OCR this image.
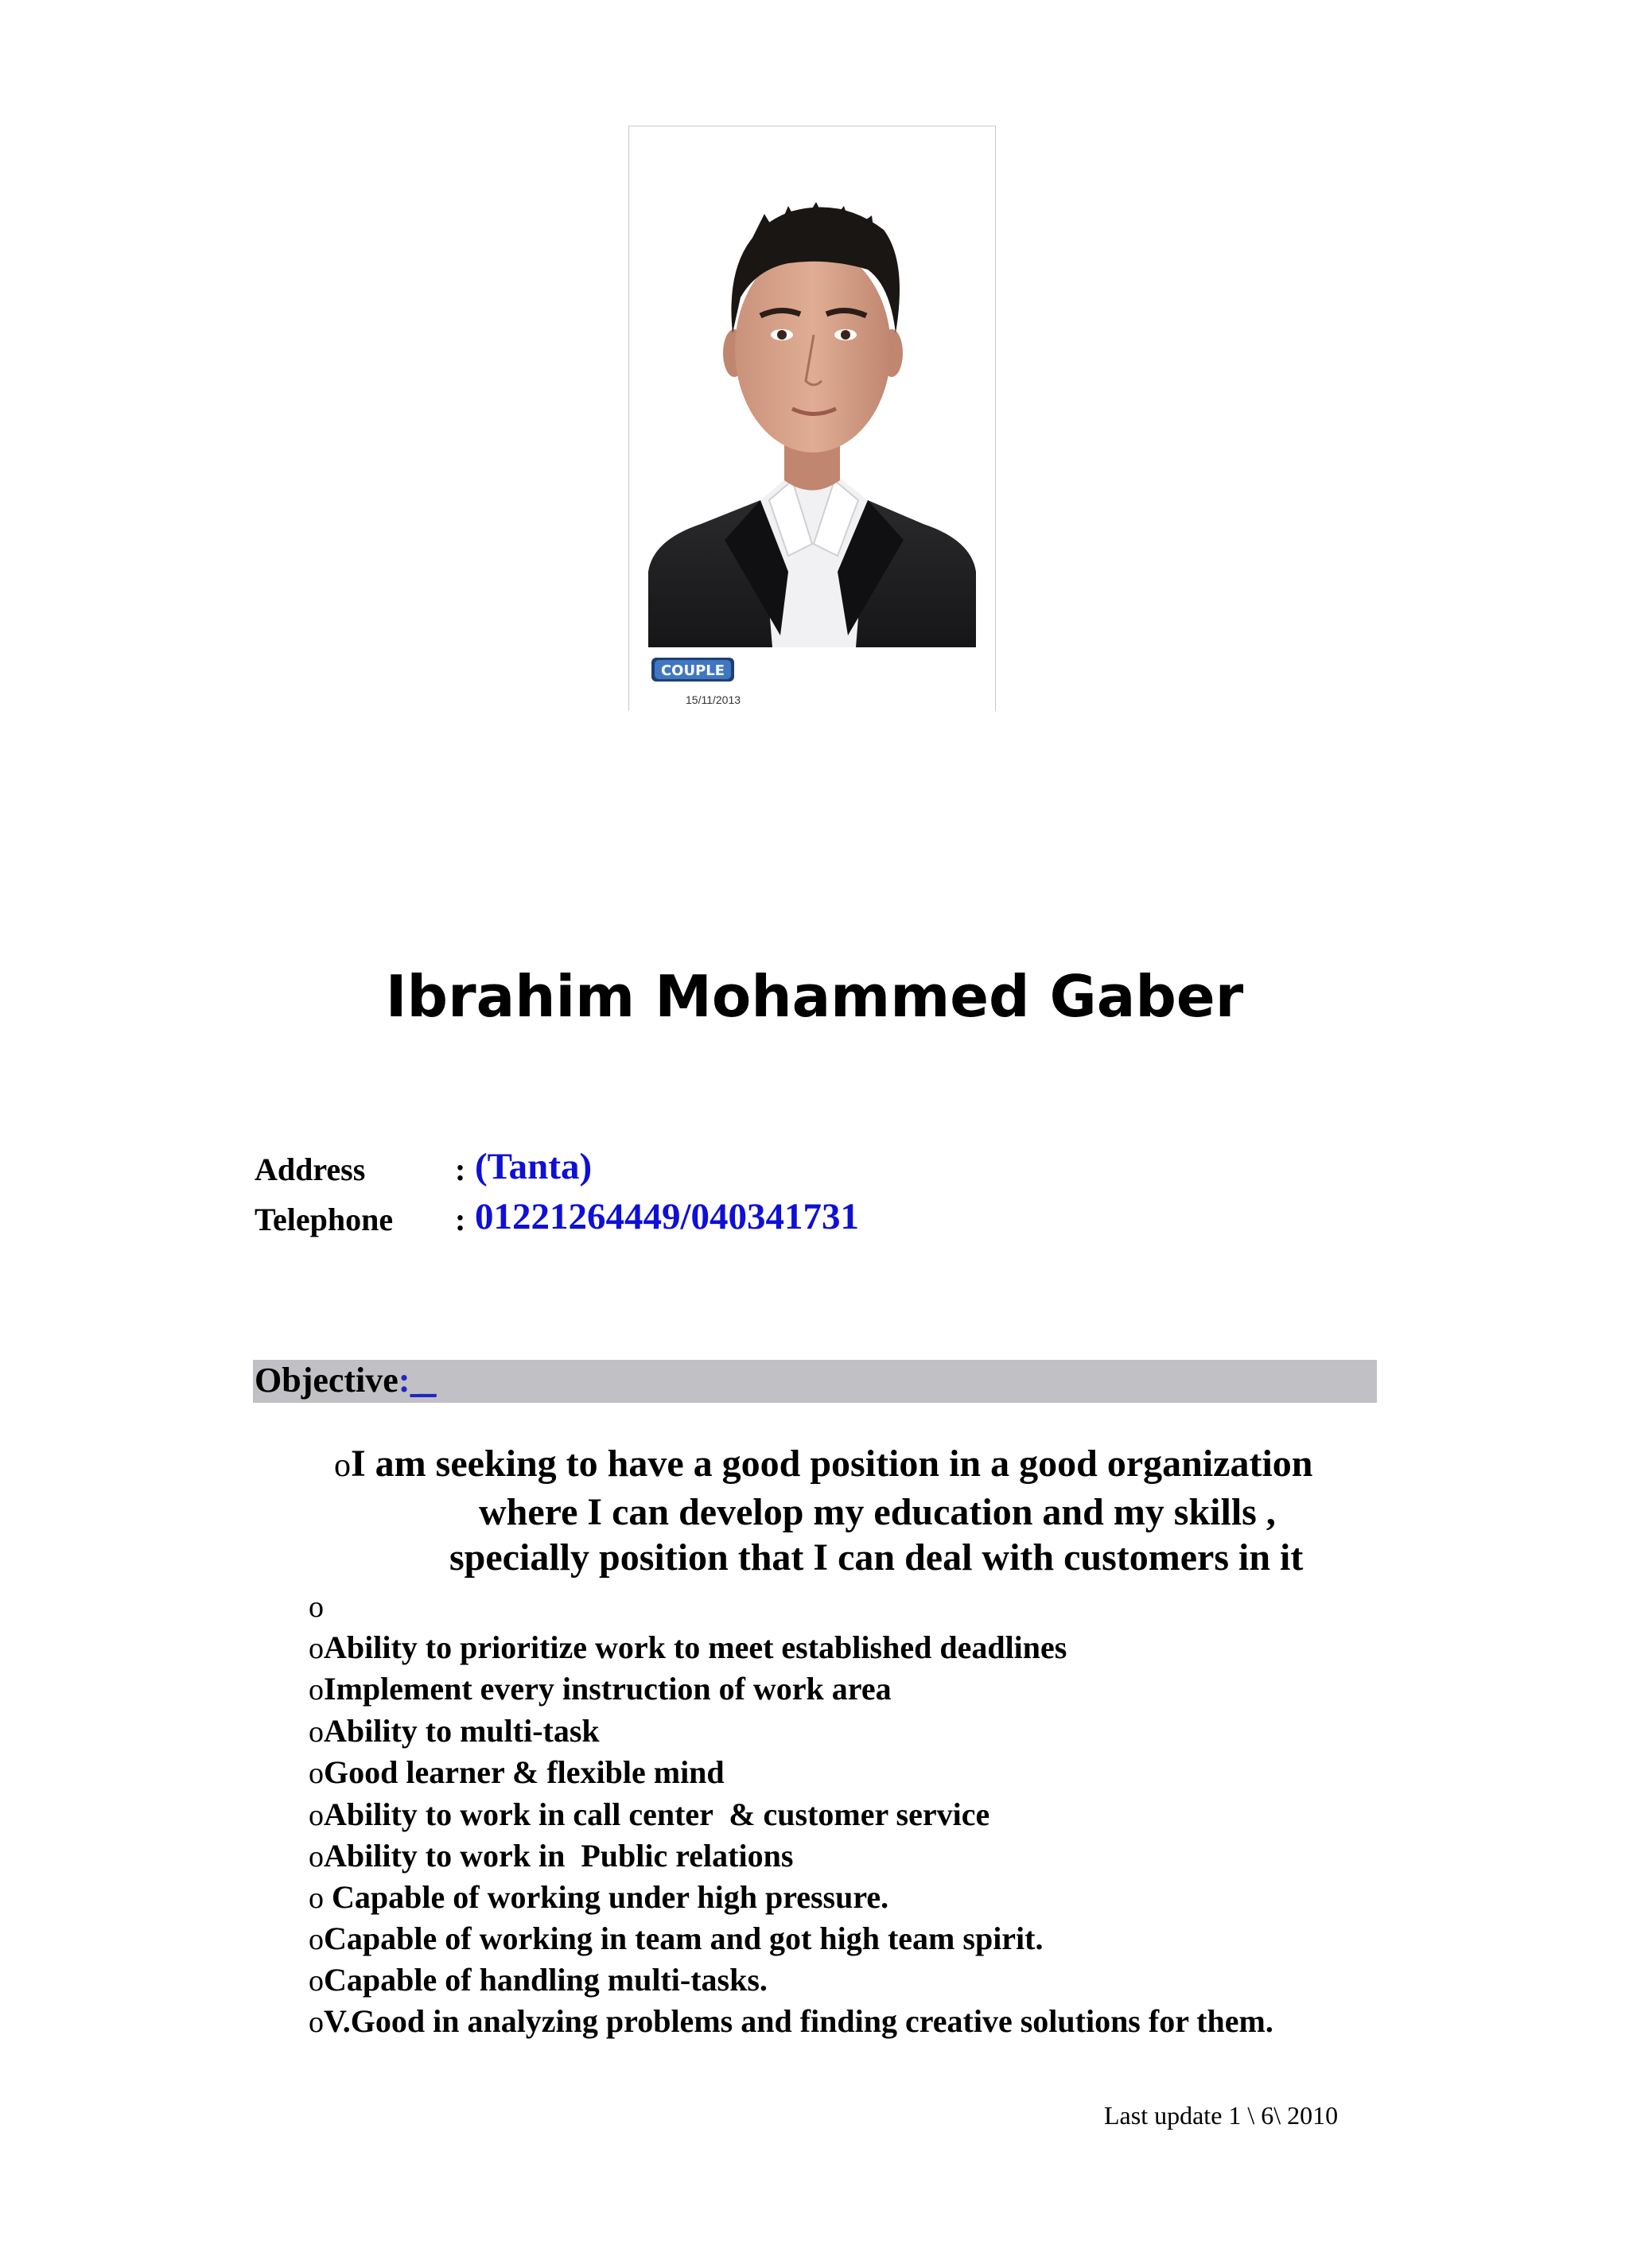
COUPLE
15/11/2013
Ibrahim Mohammed Gaber
Address	: (Tanta)
Telephone : 01221264449/040341731
Objective: _
oI am seeking to have a good position in a good organization
where I can develop my education and my skills ,
specially position that I can deal with customers in it
o
oAbility to prioritize work to meet established deadlines
oImplement every instruction of work area
oAbility to multi-task
oGood learner & flexible mind
oAbility to work in call center  & customer service
oAbility to work in  Public relations
o Capable of working under high pressure.
oCapable of working in team and got high team spirit.
oCapable of handling multi-tasks.
oV.Good in analyzing problems and finding creative solutions for them.
Last update 1 \ 6\ 2010
